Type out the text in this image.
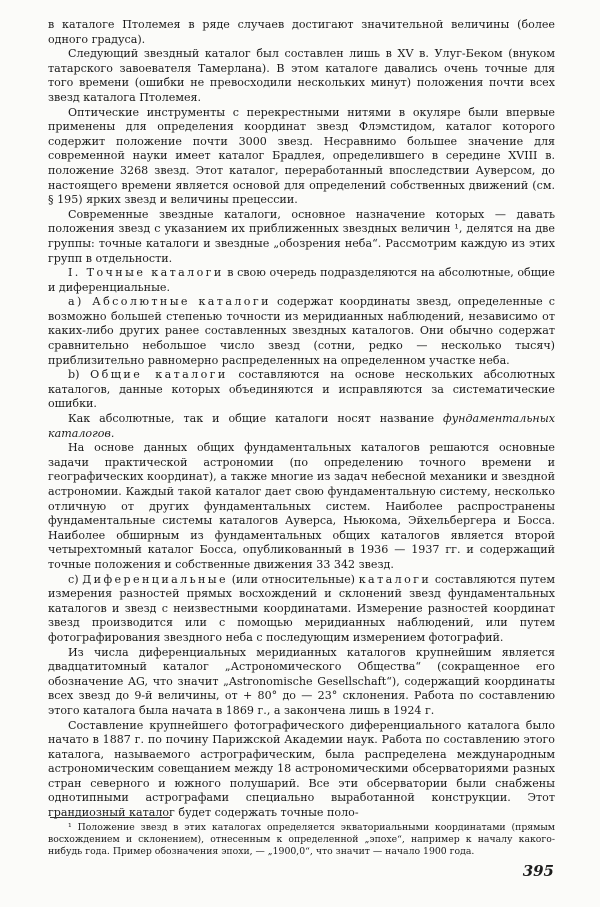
в каталоге Птолемея в ряде случаев достигают значительной величины (более одного градуса).

Следующий звездный каталог был составлен лишь в XV в. Улуг-Беком (внуком татарского завоевателя Тамерлана). В этом каталоге давались очень точные для того времени (ошибки не превосходили нескольких минут) положения почти всех звезд каталога Птолемея.

Оптические инструменты с перекрестными нитями в окуляре были впервые применены для определения координат звезд Флэмстидом, каталог которого содержит положение почти 3000 звезд. Несравнимо большее значение для современной науки имеет каталог Брадлея, определившего в середине XVIII в. положение 3268 звезд. Этот каталог, переработанный впоследствии Ауверсом, до настоящего времени является основой для определений собственных движений (см. § 195) ярких звезд и величины прецессии.

Современные звездные каталоги, основное назначение которых — давать положения звезд с указанием их приближенных звездных величин ¹, делятся на две группы: точные каталоги и звездные „обозрения неба“. Рассмотрим каждую из этих групп в отдельности.

I. Точные каталоги в свою очередь подразделяются на абсолютные, общие и диференциальные.

а) Абсолютные каталоги содержат координаты звезд, определенные с возможно большей степенью точности из меридианных наблюдений, независимо от каких-либо других ранее составленных звездных каталогов. Они обычно содержат сравнительно небольшое число звезд (сотни, редко — несколько тысяч) приблизительно равномерно распределенных на определенном участке неба.

b) Общие каталоги составляются на основе нескольких абсолютных каталогов, данные которых объединяются и исправляются за систематические ошибки.

Как абсолютные, так и общие каталоги носят название фундаментальных каталогов.

На основе данных общих фундаментальных каталогов решаются основные задачи практической астрономии (по определению точного времени и географических координат), а также многие из задач небесной механики и звездной астрономии. Каждый такой каталог дает свою фундаментальную систему, несколько отличную от других фундаментальных систем. Наиболее распространены фундаментальные системы каталогов Ауверса, Ньюкома, Эйхельбергера и Босса. Наиболее обширным из фундаментальных общих каталогов является второй четырехтомный каталог Босса, опубликованный в 1936 — 1937 гг. и содержащий точные положения и собственные движения 33 342 звезд.

с) Диференциальные (или относительные) каталоги составляются путем измерения разностей прямых восхождений и склонений звезд фундаментальных каталогов и звезд с неизвестными координатами. Измерение разностей координат звезд производится или с помощью меридианных наблюдений, или путем фотографирования звездного неба с последующим измерением фотографий.

Из числа диференциальных меридианных каталогов крупнейшим является двадцатитомный каталог „Астрономического Общества“ (сокращенное его обозначение AG, что значит „Astronomische Gesellschaft“), содержащий координаты всех звезд до 9-й величины, от + 80° до — 23° склонения. Работа по составлению этого каталога была начата в 1869 г., а закончена лишь в 1924 г.

Составление крупнейшего фотографического диференциального каталога было начато в 1887 г. по почину Парижской Академии наук. Работа по составлению этого каталога, называемого астрографическим, была распределена международным астрономическим совещанием между 18 астрономическими обсерваториями разных стран северного и южного полушарий. Все эти обсерватории были снабжены однотипными астрографами специально выработанной конструкции. Этот грандиозный каталог будет содержать точные поло-

¹ Положение звезд в этих каталогах определяется экваториальными координатами (прямым восхождением и склонением), отнесенным к определенной „эпохе“, например к началу какого-нибудь года. Пример обозначения эпохи, — „1900,0“, что значит — начало 1900 года.

395
